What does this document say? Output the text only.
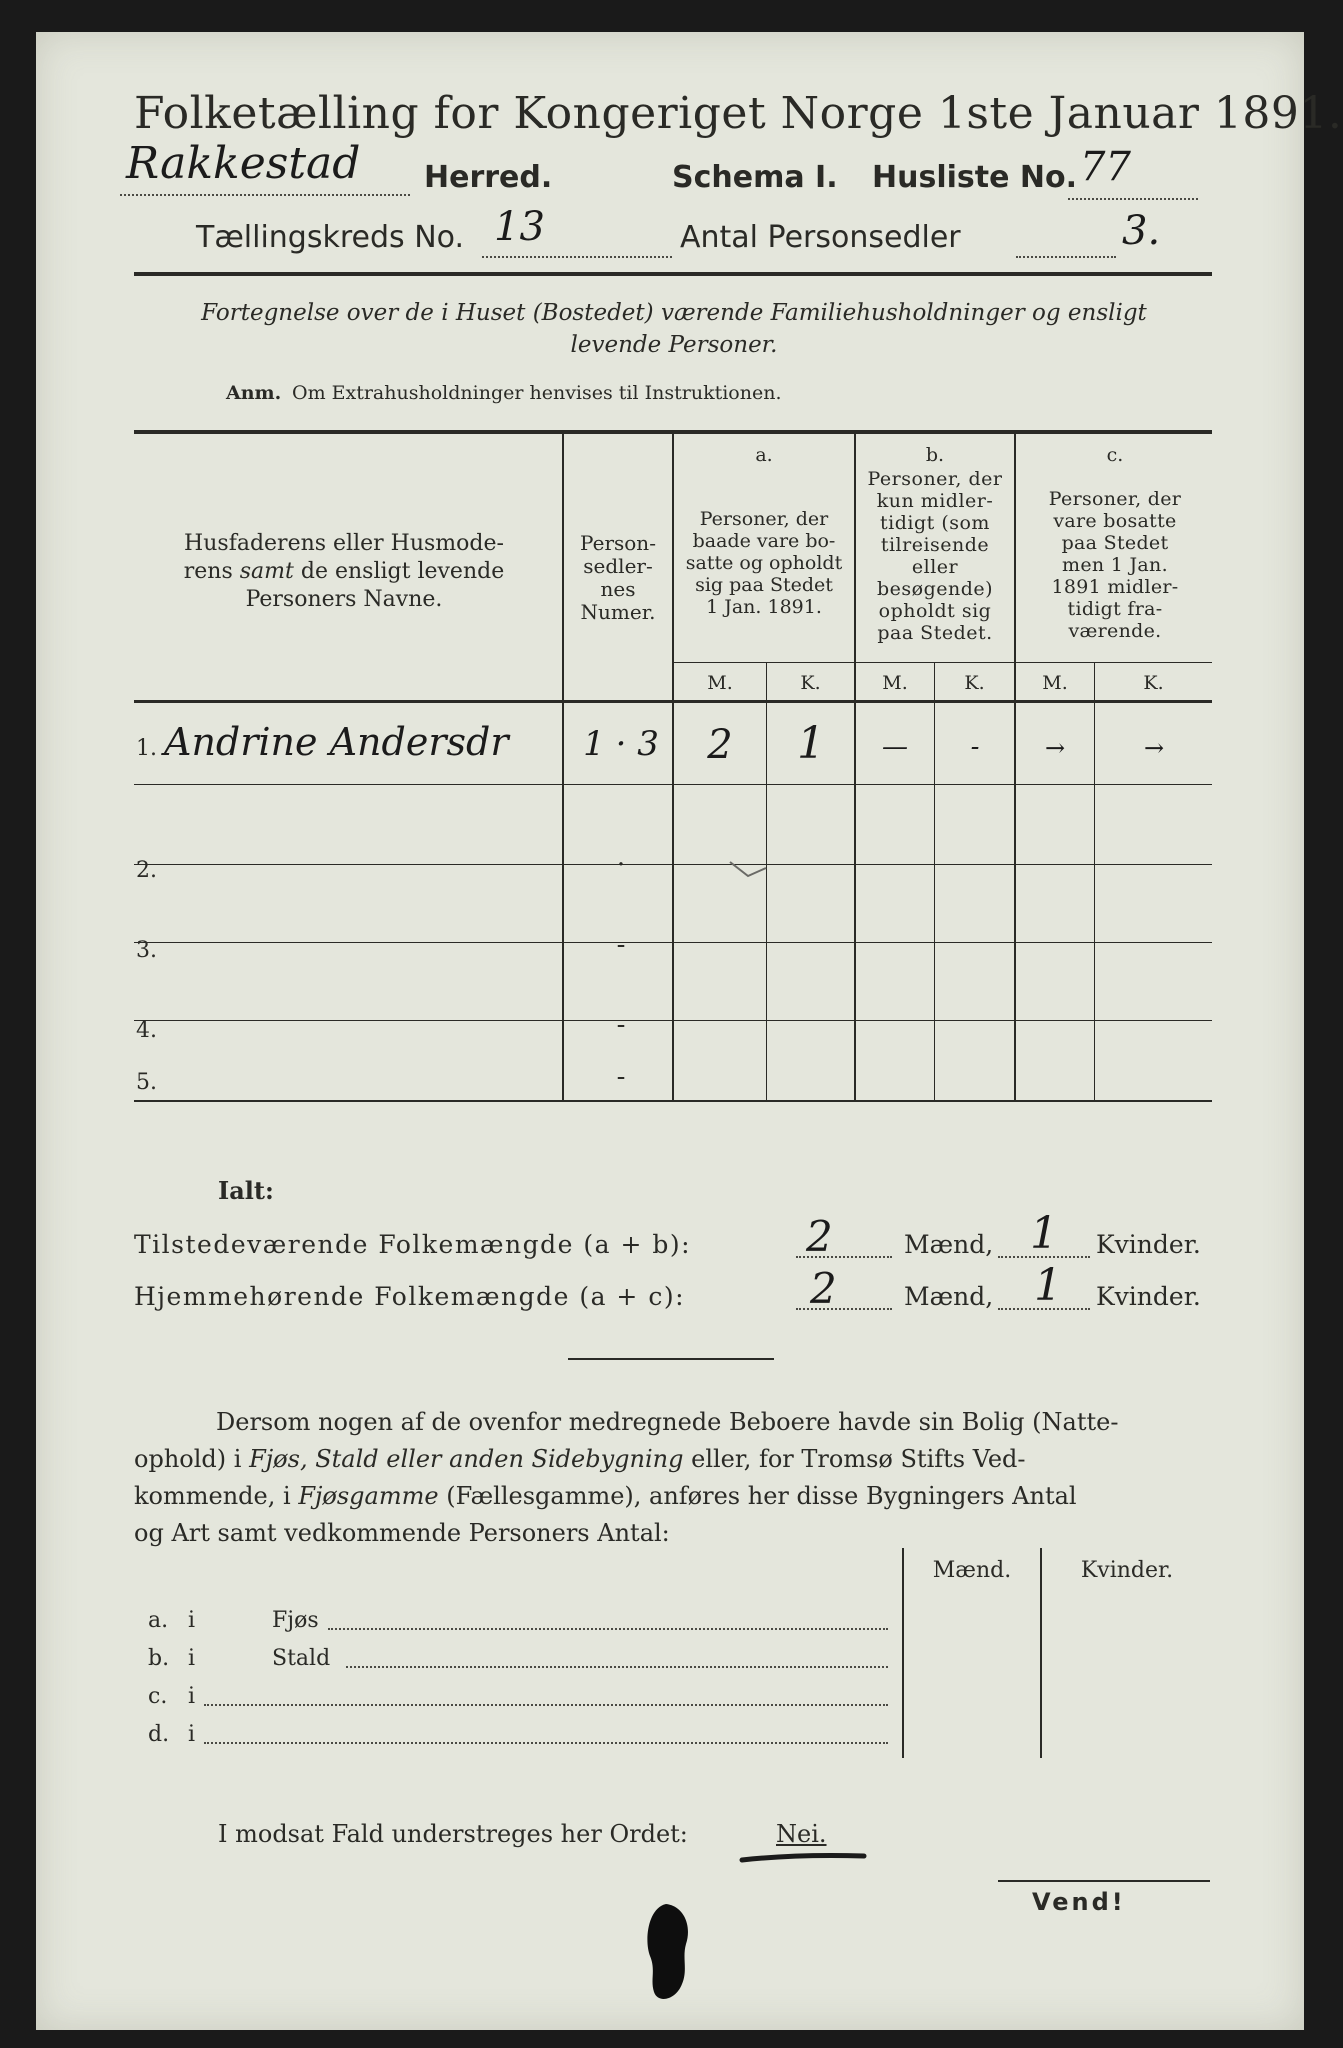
Folketælling for Kongeriget Norge 1ste Januar 1891.
Rakkestad Herred.	Schema I. Husliste No. 77
Tællingskreds No. 13	Antal Personsedler	3.
Fortegnelse over de i Huset (Bostedet) værende Familiehusholdninger og ensligt
levende Personer.
Anm. Om Extrahusholdninger henvises til Instruktionen.
Husfaderens eller Husmode-
rens samt de ensligt levende
Personers Navne.
Person-
sedler-
nes
Numer.
a.
Personer, der
baade vare bo-
satte og opholdt
sig paa Stedet
1 Jan. 1891.
b.
Personer, der
kun midler-
tidigt (som
tilreisende
eller
besøgende)
opholdt sig
paa Stedet.
c.
Personer, der
vare bosatte
paa Stedet
men 1 Jan.
1891 midler-
tidigt fra-
værende.
M.	K.	M.	K.	M.	K.
1. Andrine Andersdr 1 · 3	2	1	—	-	→	→
2.	·
3.	-
4.	-
5.	-
Ialt:
Tilstedeværende Folkemængde (a + b):	2	Mænd, 1 Kvinder.
Hjemmehørende Folkemængde (a + c):	2	Mænd, 1 Kvinder.
Dersom nogen af de ovenfor medregnede Beboere havde sin Bolig (Natte-
ophold) i Fjøs, Stald eller anden Sidebygning eller, for Tromsø Stifts Ved-
kommende, i Fjøsgamme (Fællesgamme), anføres her disse Bygningers Antal
og Art samt vedkommende Personers Antal:
Mænd.	Kvinder.
a. i	Fjøs
b. i	Stald
c. i
d. i
I modsat Fald understreges her Ordet:	Nei.
Vend!
